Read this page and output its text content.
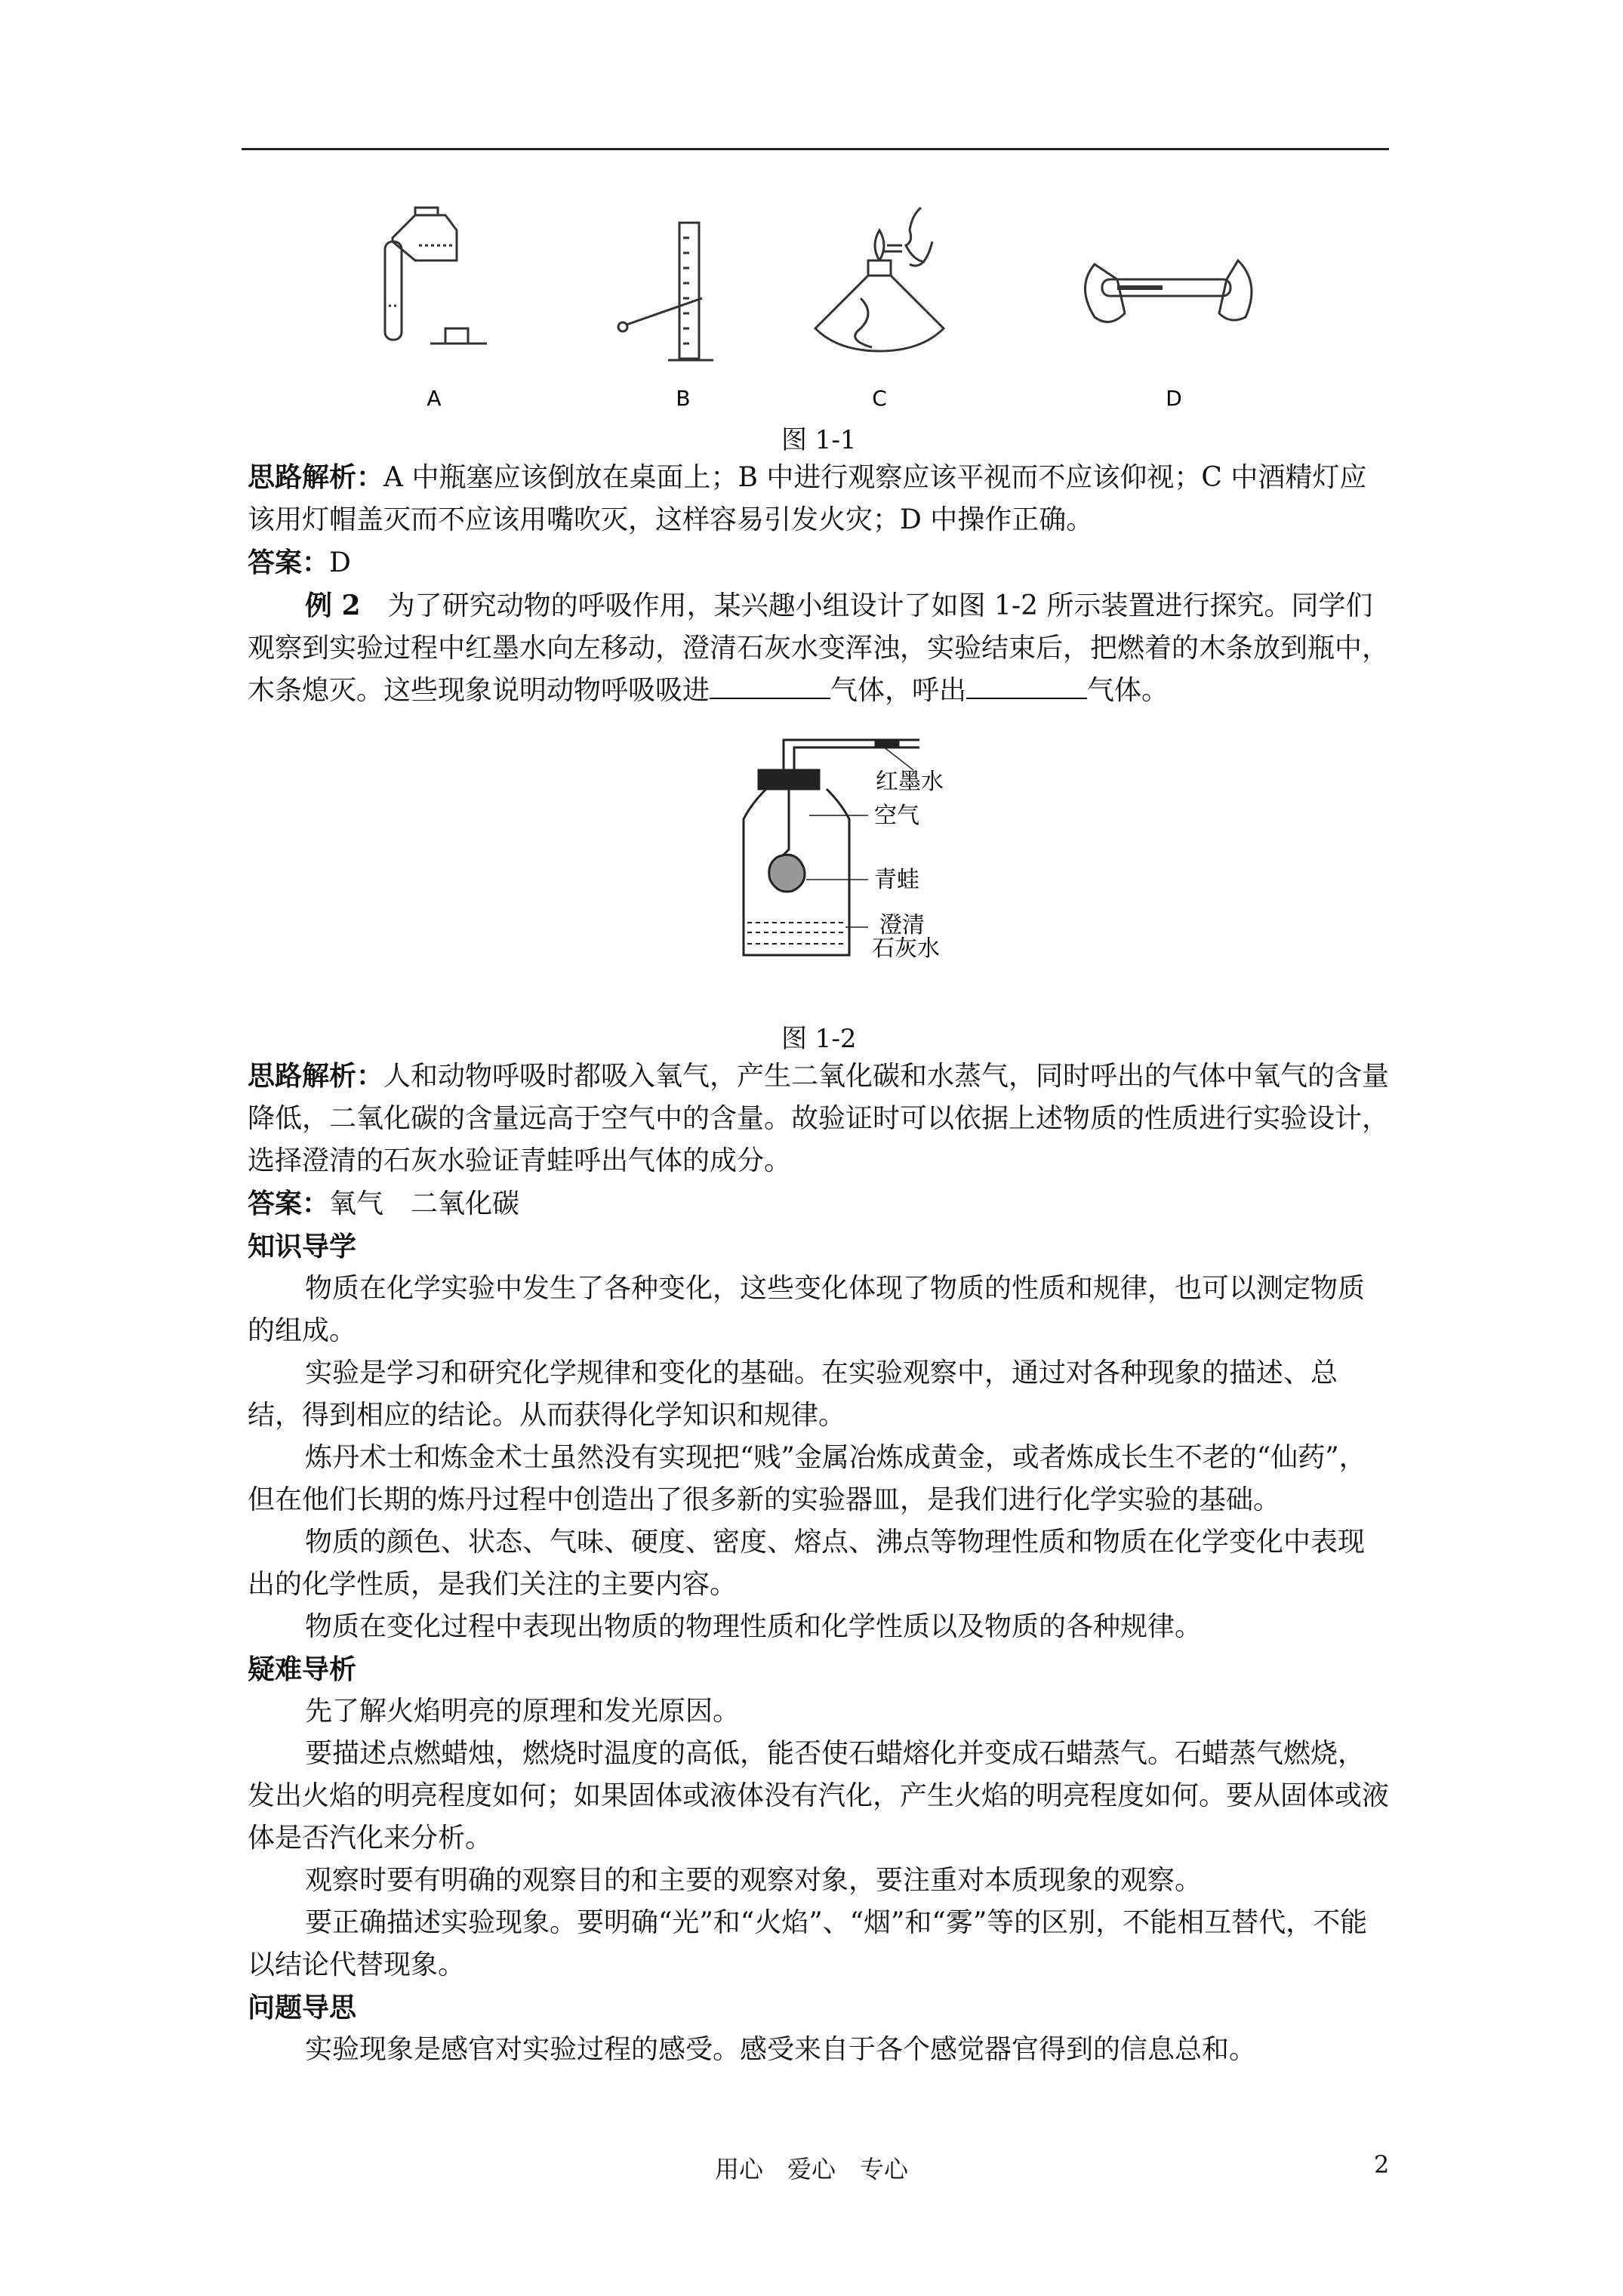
A	B	C	D
图 1-1

思路解析：A 中瓶塞应该倒放在桌面上；B 中进行观察应该平视而不应该仰视；C 中酒精灯应该用灯帽盖灭而不应该用嘴吹灭，这样容易引发火灾；D 中操作正确。

答案：D

例 2　 为了研究动物的呼吸作用，某兴趣小组设计了如图 1-2 所示装置进行探究。同学们观察到实验过程中红墨水向左移动，澄清石灰水变浑浊，实验结束后，把燃着的木条放到瓶中，木条熄灭。这些现象说明动物呼吸吸进	气体，呼出	气体。

红墨水
空气
青蛙
澄清
石灰水
图 1-2

思路解析：人和动物呼吸时都吸入氧气，产生二氧化碳和水蒸气，同时呼出的气体中氧气的含量降低，二氧化碳的含量远高于空气中的含量。故验证时可以依据上述物质的性质进行实验设计，选择澄清的石灰水验证青蛙呼出气体的成分。

答案：氧气　二氧化碳

知识导学

物质在化学实验中发生了各种变化，这些变化体现了物质的性质和规律，也可以测定物质的组成。

实验是学习和研究化学规律和变化的基础。在实验观察中，通过对各种现象的描述、总结，得到相应的结论。从而获得化学知识和规律。

炼丹术士和炼金术士虽然没有实现把“贱”金属冶炼成黄金，或者炼成长生不老的“仙药”，但在他们长期的炼丹过程中创造出了很多新的实验器皿，是我们进行化学实验的基础。

物质的颜色、状态、气味、硬度、密度、熔点、沸点等物理性质和物质在化学变化中表现出的化学性质，是我们关注的主要内容。

物质在变化过程中表现出物质的物理性质和化学性质以及物质的各种规律。

疑难导析

先了解火焰明亮的原理和发光原因。

要描述点燃蜡烛，燃烧时温度的高低，能否使石蜡熔化并变成石蜡蒸气。石蜡蒸气燃烧，发出火焰的明亮程度如何；如果固体或液体没有汽化，产生火焰的明亮程度如何。要从固体或液体是否汽化来分析。

观察时要有明确的观察目的和主要的观察对象，要注重对本质现象的观察。

要正确描述实验现象。要明确“光”和“火焰”、“烟”和“雾”等的区别，不能相互替代，不能以结论代替现象。

问题导思

实验现象是感官对实验过程的感受。感受来自于各个感觉器官得到的信息总和。

用心　爱心　专心	2
